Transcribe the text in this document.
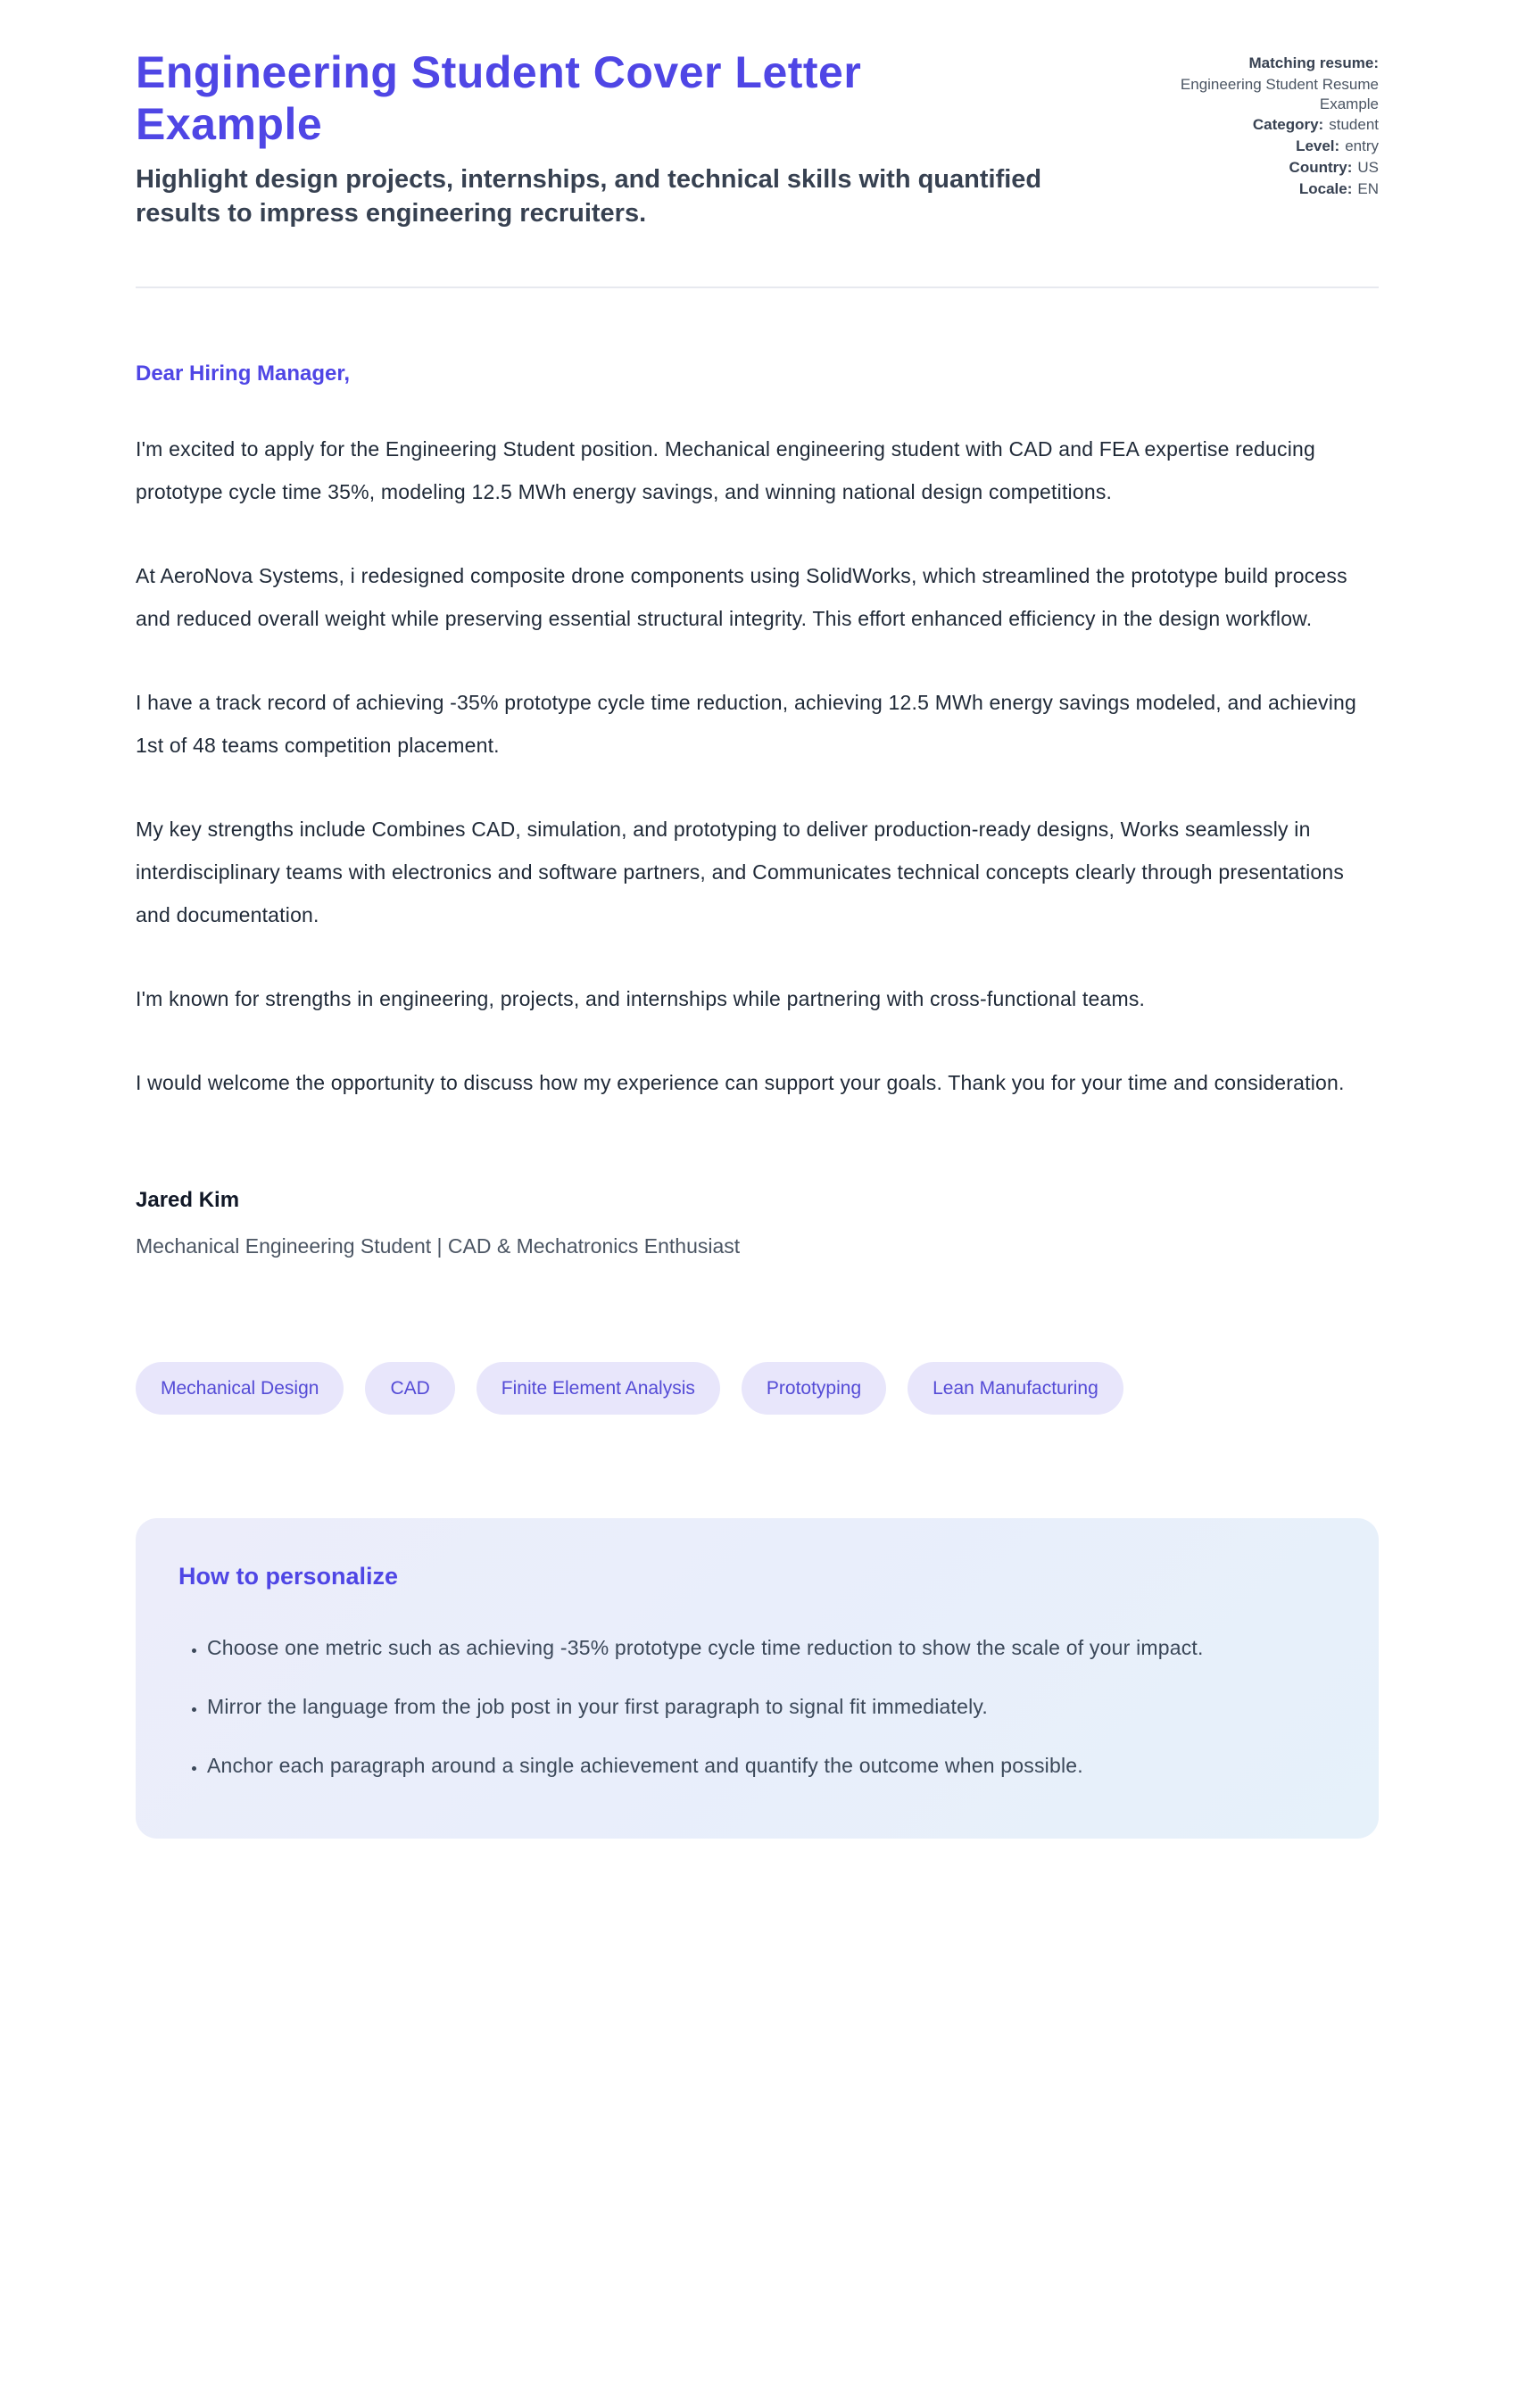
Engineering Student Cover Letter Example

Highlight design projects, internships, and technical skills with quantified results to impress engineering recruiters.

Matching resume:
Engineering Student Resume Example
Category: student
Level: entry
Country: US
Locale: EN

Dear Hiring Manager,

I'm excited to apply for the Engineering Student position. Mechanical engineering student with CAD and FEA expertise reducing prototype cycle time 35%, modeling 12.5 MWh energy savings, and winning national design competitions.

At AeroNova Systems, i redesigned composite drone components using SolidWorks, which streamlined the prototype build process and reduced overall weight while preserving essential structural integrity. This effort enhanced efficiency in the design workflow.

I have a track record of achieving -35% prototype cycle time reduction, achieving 12.5 MWh energy savings modeled, and achieving 1st of 48 teams competition placement.

My key strengths include Combines CAD, simulation, and prototyping to deliver production-ready designs, Works seamlessly in interdisciplinary teams with electronics and software partners, and Communicates technical concepts clearly through presentations and documentation.

I'm known for strengths in engineering, projects, and internships while partnering with cross-functional teams.

I would welcome the opportunity to discuss how my experience can support your goals. Thank you for your time and consideration.

Jared Kim

Mechanical Engineering Student | CAD & Mechatronics Enthusiast

Mechanical Design	CAD	Finite Element Analysis	Prototyping	Lean Manufacturing
How to personalize
• Choose one metric such as achieving -35% prototype cycle time reduction to show the scale of your impact.
• Mirror the language from the job post in your first paragraph to signal fit immediately.
• Anchor each paragraph around a single achievement and quantify the outcome when possible.
